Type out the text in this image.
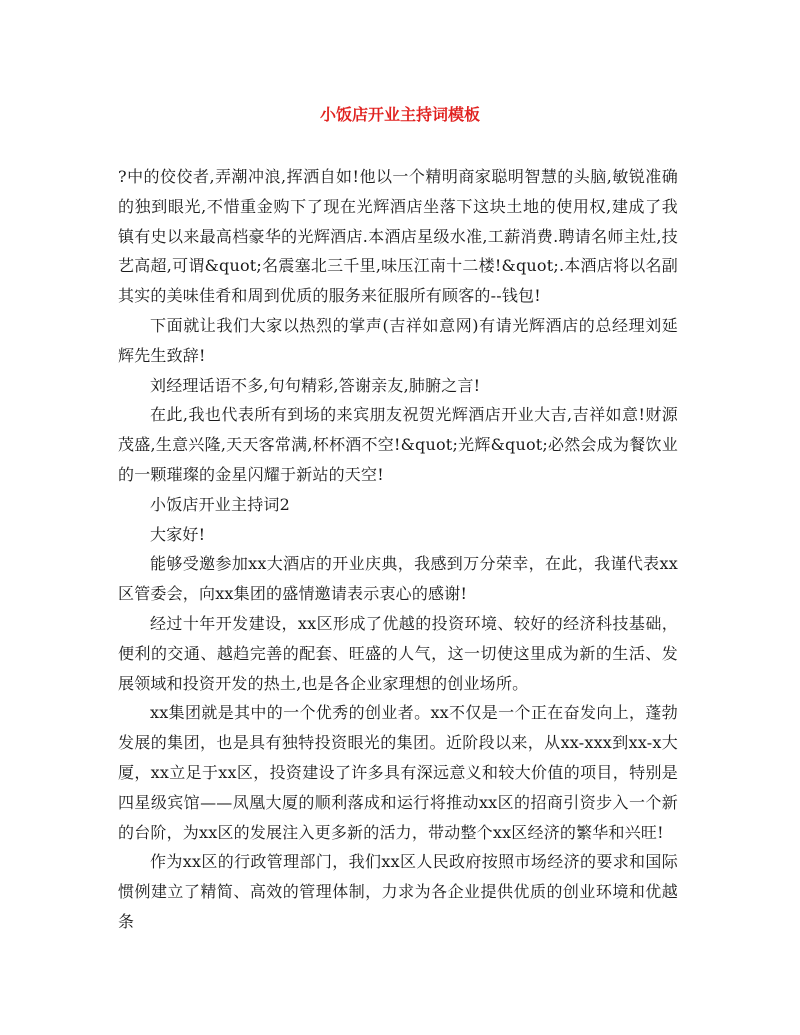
小饭店开业主持词模板

?中的佼佼者,弄潮冲浪,挥洒自如!他以一个精明商家聪明智慧的头脑,敏锐准确的独到眼光,不惜重金购下了现在光辉酒店坐落下这块土地的使用权,建成了我镇有史以来最高档豪华的光辉酒店.本酒店星级水准,工薪消费.聘请名师主灶,技艺高超,可谓&quot;名震塞北三千里,味压江南十二楼!&quot;.本酒店将以名副其实的美味佳肴和周到优质的服务来征服所有顾客的--钱包!

下面就让我们大家以热烈的掌声(吉祥如意网)有请光辉酒店的总经理刘延辉先生致辞!

刘经理话语不多,句句精彩,答谢亲友,肺腑之言!

在此,我也代表所有到场的来宾朋友祝贺光辉酒店开业大吉,吉祥如意!财源茂盛,生意兴隆,天天客常满,杯杯酒不空!&quot;光辉&quot;必然会成为餐饮业的一颗璀璨的金星闪耀于新站的天空!

小饭店开业主持词2

大家好!

能够受邀参加xx大酒店的开业庆典，我感到万分荣幸，在此，我谨代表xx区管委会，向xx集团的盛情邀请表示衷心的感谢!

经过十年开发建设，xx区形成了优越的投资环境、较好的经济科技基础，便利的交通、越趋完善的配套、旺盛的人气，这一切使这里成为新的生活、发展领域和投资开发的热土,也是各企业家理想的创业场所。

xx集团就是其中的一个优秀的创业者。xx不仅是一个正在奋发向上，蓬勃发展的集团，也是具有独特投资眼光的集团。近阶段以来，从xx-xxx到xx-x大厦，xx立足于xx区，投资建设了许多具有深远意义和较大价值的项目，特别是四星级宾馆——凤凰大厦的顺利落成和运行将推动xx区的招商引资步入一个新的台阶，为xx区的发展注入更多新的活力，带动整个xx区经济的繁华和兴旺!

作为xx区的行政管理部门，我们xx区人民政府按照市场经济的要求和国际惯例建立了精简、高效的管理体制，力求为各企业提供优质的创业环境和优越条
